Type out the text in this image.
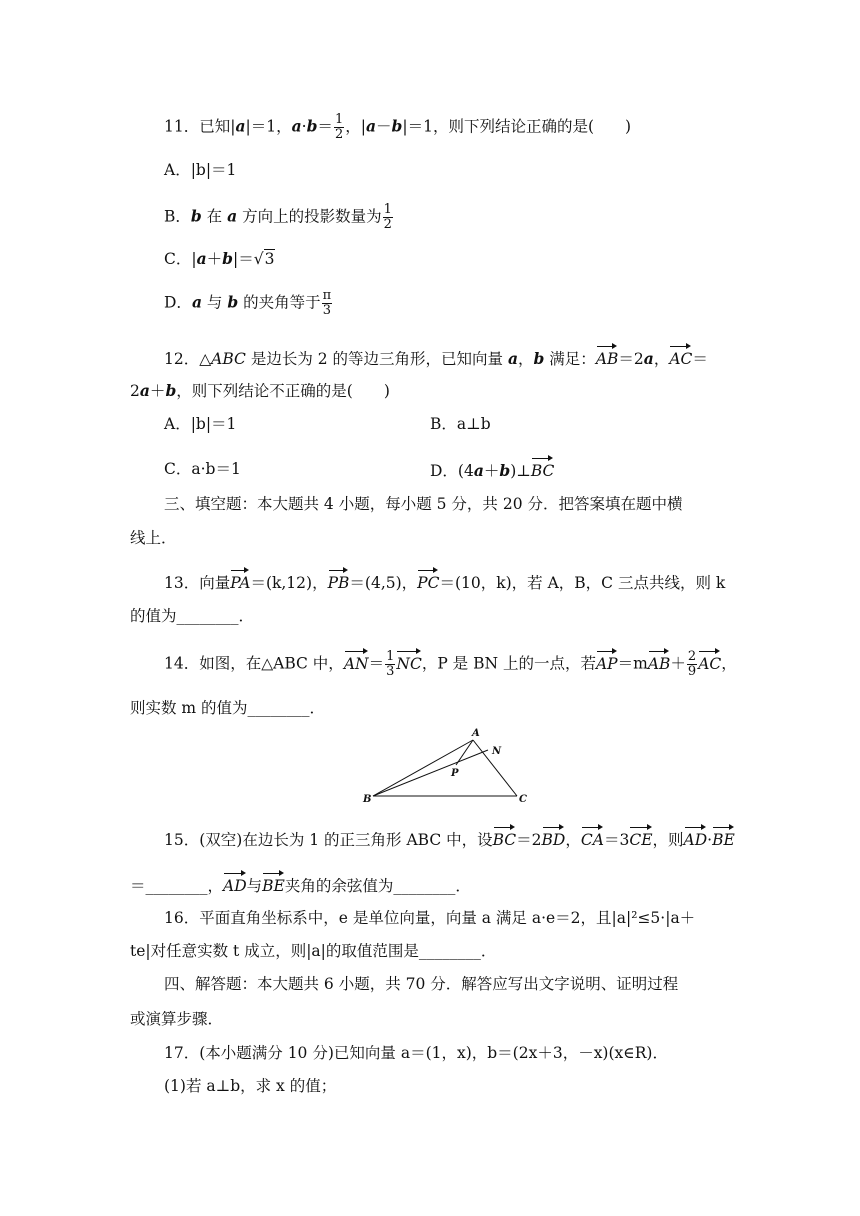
11．已知|a|＝1，$a\cdot b= \frac{1}{2}$ ，|a－b|＝1，则下列结论正确的是(　　)
A．|b|＝1
B．b 在 a 方向上的投影数量为 $\frac{1}{2}$
C．|a＋b|＝√3
D．a 与 b 的夹角等于 $\frac{\pi}{3}$
12．△ABC 是边长为 2 的等边三角形，已知向量 a，b 满足：AB＝2a，AC＝
2a＋b，则下列结论不正确的是(　　)
A．|b|＝1	B．a⊥b
C．a·b＝1	D．(4a＋b)⊥BC
三、填空题：本大题共 4 小题，每小题 5 分，共 20 分．把答案填在题中横
线上．
13．向量PA＝(k,12)，PB＝(4,5)，PC＝(10，k)，若 A，B，C 三点共线，则 k
的值为________．
14．如图，在△ABC 中，$AN= \frac{1}{3}$ NC，P 是 BN 上的一点，若$AP=mAB+ \frac{2}{9}$ AC，
则实数 m 的值为________．
A
B	C
N
P
15．(双空)在边长为 1 的正三角形 ABC 中，设BC＝2BD，CA＝3CE，则AD·BE
＝________，AD与BE夹角的余弦值为________．
16．平面直角坐标系中，e 是单位向量，向量 a 满足 a·e＝2，且|a|²≤5·|a＋
te|对任意实数 t 成立，则|a|的取值范围是________．
四、解答题：本大题共 6 小题，共 70 分．解答应写出文字说明、证明过程
或演算步骤．
17．(本小题满分 10 分)已知向量 a＝(1，x)，b＝(2x＋3，－x)(x∈R)．
(1)若 a⊥b，求 x 的值；
